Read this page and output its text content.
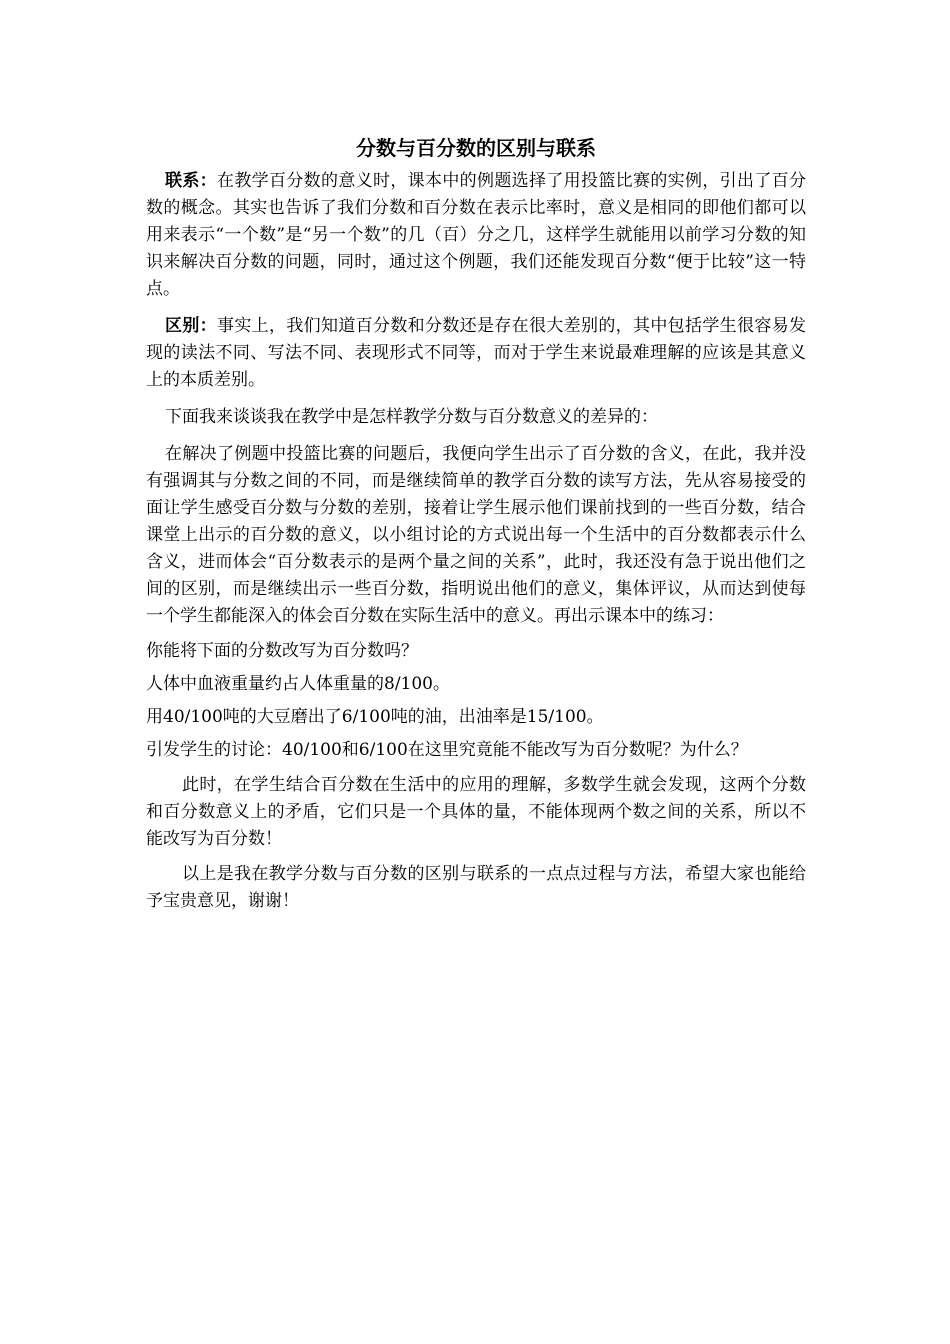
分数与百分数的区别与联系

联系：在教学百分数的意义时，课本中的例题选择了用投篮比赛的实例，引出了百分数的概念。其实也告诉了我们分数和百分数在表示比率时，意义是相同的即他们都可以用来表示“一个数”是“另一个数”的几（百）分之几，这样学生就能用以前学习分数的知识来解决百分数的问题，同时，通过这个例题，我们还能发现百分数“便于比较”这一特点。

区别：事实上，我们知道百分数和分数还是存在很大差别的，其中包括学生很容易发现的读法不同、写法不同、表现形式不同等，而对于学生来说最难理解的应该是其意义上的本质差别。

下面我来谈谈我在教学中是怎样教学分数与百分数意义的差异的：

在解决了例题中投篮比赛的问题后，我便向学生出示了百分数的含义，在此，我并没有强调其与分数之间的不同，而是继续简单的教学百分数的读写方法，先从容易接受的面让学生感受百分数与分数的差别，接着让学生展示他们课前找到的一些百分数，结合课堂上出示的百分数的意义，以小组讨论的方式说出每一个生活中的百分数都表示什么含义，进而体会“百分数表示的是两个量之间的关系”，此时，我还没有急于说出他们之间的区别，而是继续出示一些百分数，指明说出他们的意义，集体评议，从而达到使每一个学生都能深入的体会百分数在实际生活中的意义。再出示课本中的练习：

你能将下面的分数改写为百分数吗？

人体中血液重量约占人体重量的8/100。

用40/100吨的大豆磨出了6/100吨的油，出油率是15/100。

引发学生的讨论：40/100和6/100在这里究竟能不能改写为百分数呢？为什么？

此时，在学生结合百分数在生活中的应用的理解，多数学生就会发现，这两个分数和百分数意义上的矛盾，它们只是一个具体的量，不能体现两个数之间的关系，所以不能改写为百分数！

以上是我在教学分数与百分数的区别与联系的一点点过程与方法，希望大家也能给予宝贵意见，谢谢！
